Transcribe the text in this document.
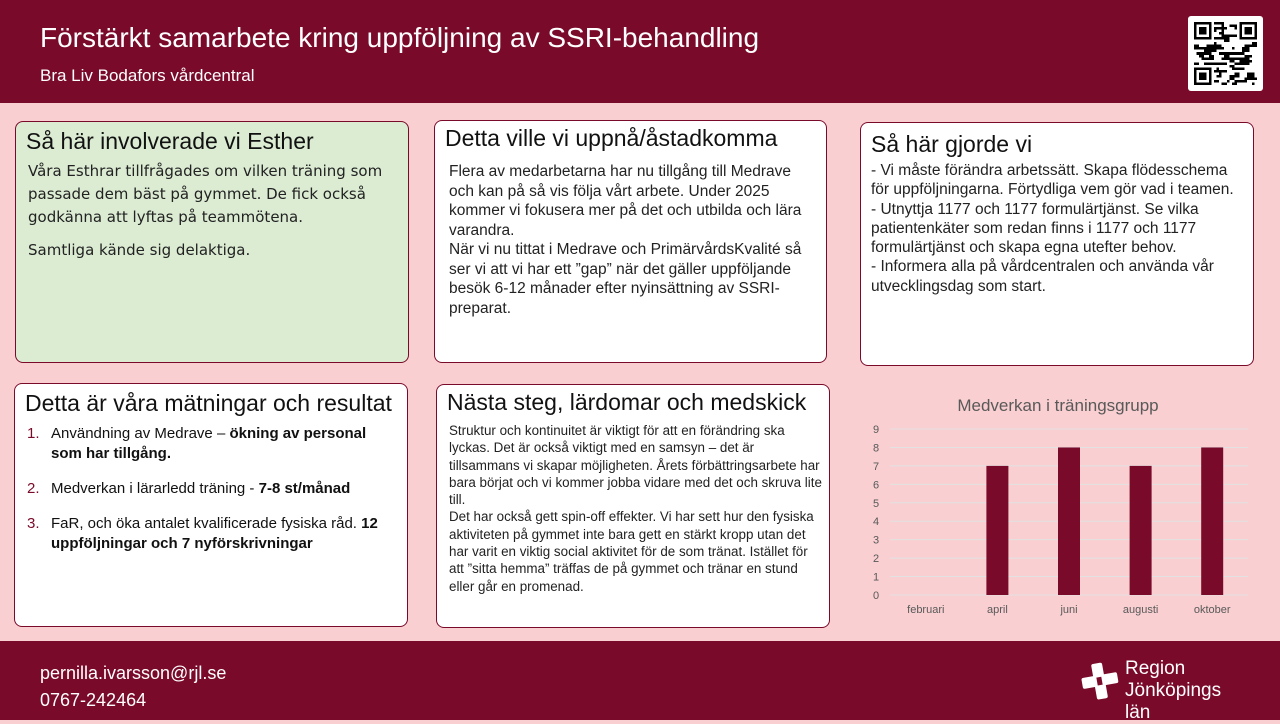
Förstärkt samarbete kring uppföljning av SSRI-behandling
Bra Liv Bodafors vårdcentral
Så här involverade vi Esther

Våra Esthrar tillfrågades om vilken träning som passade dem bäst på gymmet. De fick också godkänna att lyftas på teammötena.

Samtliga kände sig delaktiga.

Detta ville vi uppnå/åstadkomma
Flera av medarbetarna har nu tillgång till Medrave och kan på så vis följa vårt arbete. Under 2025 kommer vi fokusera mer på det och utbilda och lära varandra.
När vi nu tittat i Medrave och PrimärvårdsKvalité så ser vi att vi har ett ”gap” när det gäller uppföljande besök 6-12 månader efter nyinsättning av SSRI-preparat.
Så här gjorde vi
- Vi måste förändra arbetssätt. Skapa flödesschema för uppföljningarna. Förtydliga vem gör vad i teamen.
- Utnyttja 1177 och 1177 formulärtjänst. Se vilka patientenkäter som redan finns i 1177 och 1177 formulärtjänst och skapa egna utefter behov.
- Informera alla på vårdcentralen och använda vår utvecklingsdag som start.
Detta är våra mätningar och resultat
1. Användning av Medrave – ökning av personal som har tillgång.
2. Medverkan i lärarledd träning - 7-8 st/månad
3. FaR, och öka antalet kvalificerade fysiska råd. 12 uppföljningar och 7 nyförskrivningar
Nästa steg, lärdomar och medskick
Struktur och kontinuitet är viktigt för att en förändring ska lyckas. Det är också viktigt med en samsyn – det är tillsammans vi skapar möjligheten. Årets förbättringsarbete har bara börjat och vi kommer jobba vidare med det och skruva lite till.
Det har också gett spin-off effekter. Vi har sett hur den fysiska aktiviteten på gymmet inte bara gett en stärkt kropp utan det har varit en viktig social aktivitet för de som tränat. Istället för att ”sitta hemma” träffas de på gymmet och tränar en stund eller går en promenad.
Medverkan i träningsgrupp
0
1
2
3
4
5
6
7
8
9
februari	april	juni	augusti	oktober
pernilla.ivarsson@rjl.se
0767-242464
Region
Jönköpings län
